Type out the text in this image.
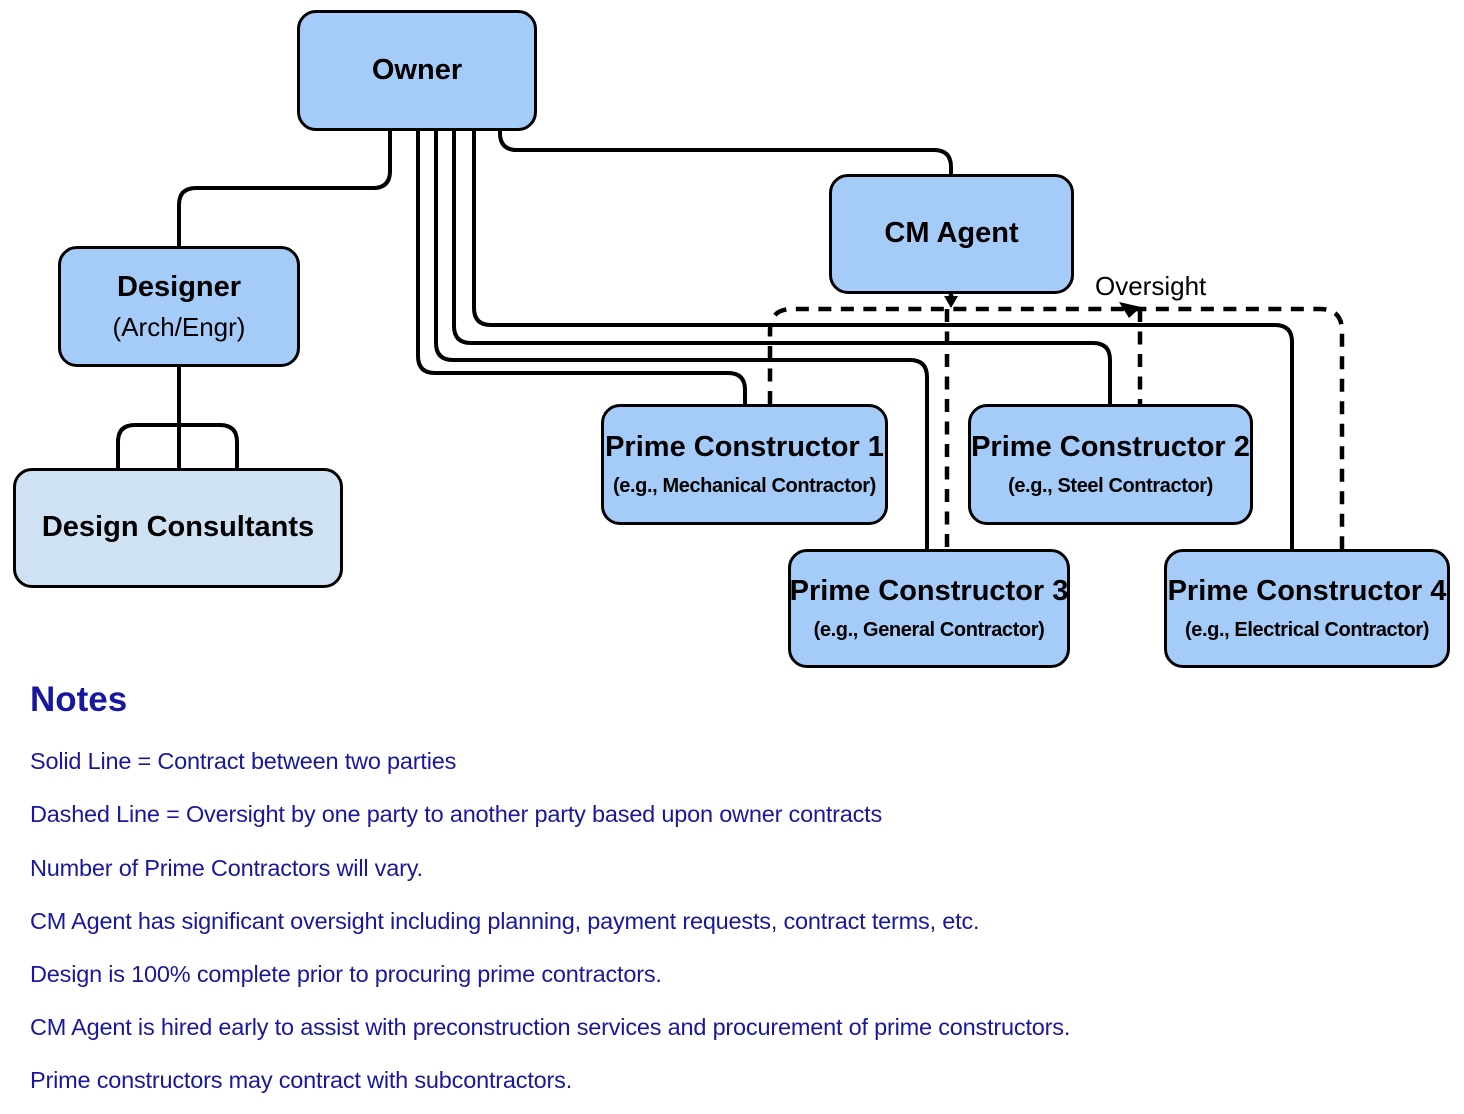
Owner
Designer
(Arch/Engr)
Design Consultants
CM Agent
Prime Constructor 1
(e.g., Mechanical Contractor)
Prime Constructor 2
(e.g., Steel Contractor)
Prime Constructor 3
(e.g., General Contractor)
Prime Constructor 4
(e.g., Electrical Contractor)
Oversight
Notes

Solid Line = Contract between two parties

Dashed Line = Oversight by one party to another party based upon owner contracts

Number of Prime Contractors will vary.

CM Agent has significant oversight including planning, payment requests, contract terms, etc.

Design is 100% complete prior to procuring prime contractors.

CM Agent is hired early to assist with preconstruction services and procurement of prime constructors.

Prime constructors may contract with subcontractors.
